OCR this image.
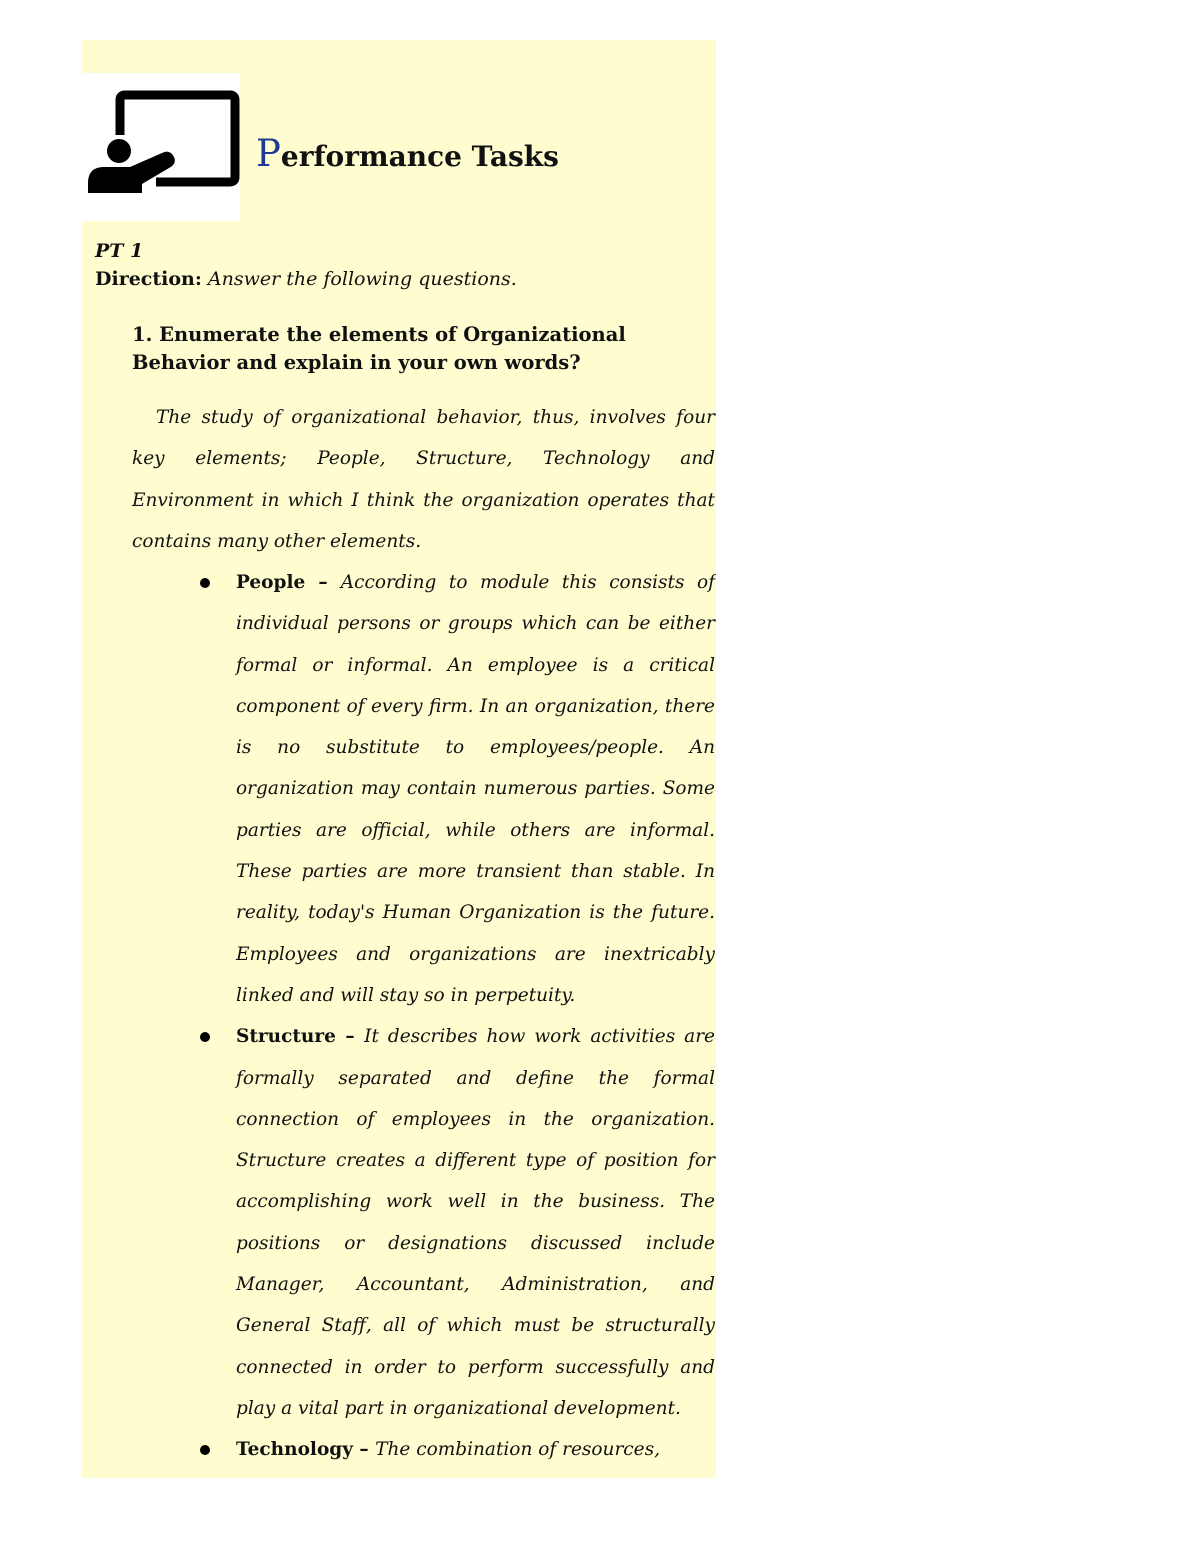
Performance Tasks
PT 1
Direction: Answer the following questions.
1. Enumerate the elements of Organizational Behavior and explain in your own words?

The study of organizational behavior, thus, involves four key elements; People, Structure, Technology and Environment in which I think the organization operates that contains many other elements.

People – According to module this consists of individual persons or groups which can be either formal or informal. An employee is a critical component of every firm. In an organization, there is no substitute to employees/people. An organization may contain numerous parties. Some parties are official, while others are informal. These parties are more transient than stable. In reality, today's Human Organization is the future. Employees and organizations are inextricably linked and will stay so in perpetuity.
Structure – It describes how work activities are formally separated and define the formal connection of employees in the organization. Structure creates a different type of position for accomplishing work well in the business. The positions or designations discussed include Manager, Accountant, Administration, and General Staff, all of which must be structurally connected in order to perform successfully and play a vital part in organizational development.
Technology – The combination of resources,
